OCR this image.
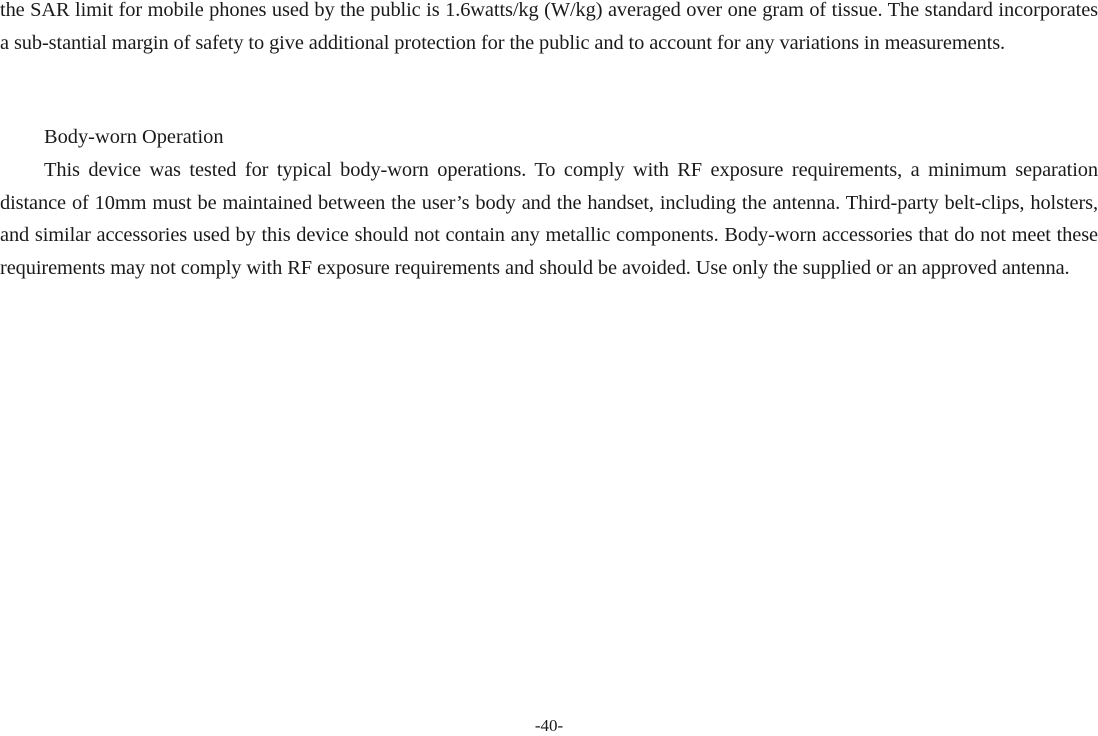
the SAR limit for mobile phones used by the public is 1.6watts/kg (W/kg) averaged over one gram of tissue. The standard incorporates a sub-stantial margin of safety to give additional protection for the public and to account for any variations in measurements.

Body-worn Operation

This device was tested for typical body-worn operations. To comply with RF exposure requirements, a minimum separation distance of 10mm must be maintained between the user’s body and the handset, including the antenna. Third-party belt-clips, holsters, and similar accessories used by this device should not contain any metallic components. Body-worn accessories that do not meet these requirements may not comply with RF exposure requirements and should be avoided. Use only the supplied or an approved antenna.

-40-
